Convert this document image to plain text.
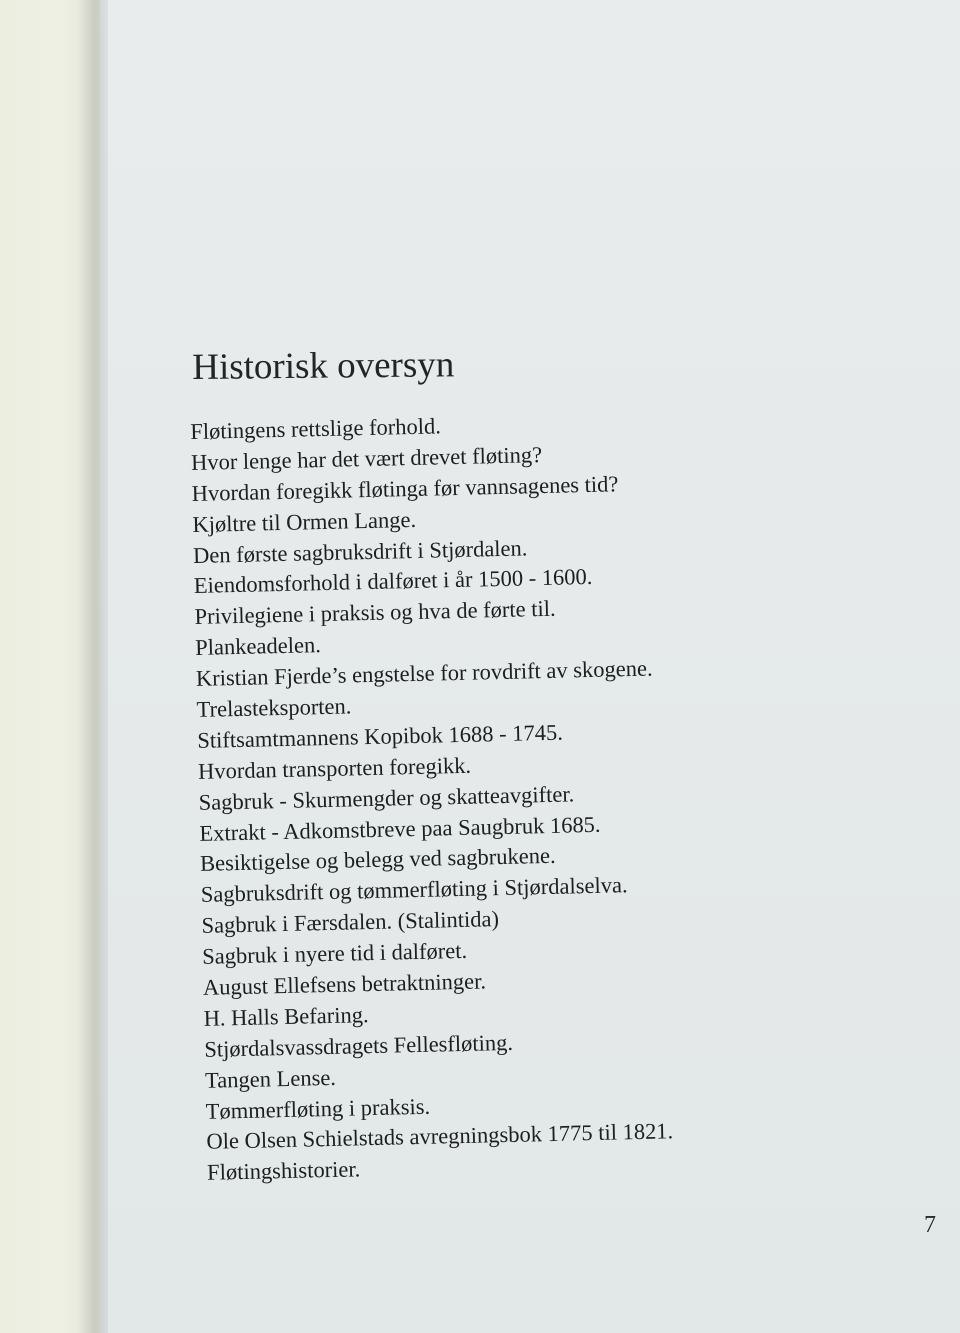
Historisk oversyn
Fløtingens rettslige forhold.
Hvor lenge har det vært drevet fløting?
Hvordan foregikk fløtinga før vannsagenes tid?
Kjøltre til Ormen Lange.
Den første sagbruksdrift i Stjørdalen.
Eiendomsforhold i dalføret i år 1500 - 1600.
Privilegiene i praksis og hva de førte til.
Plankeadelen.
Kristian Fjerde’s engstelse for rovdrift av skogene.
Trelasteksporten.
Stiftsamtmannens Kopibok 1688 - 1745.
Hvordan transporten foregikk.
Sagbruk - Skurmengder og skatteavgifter.
Extrakt - Adkomstbreve paa Saugbruk 1685.
Besiktigelse og belegg ved sagbrukene.
Sagbruksdrift og tømmerfløting i Stjørdalselva.
Sagbruk i Færsdalen. (Stalintida)
Sagbruk i nyere tid i dalføret.
August Ellefsens betraktninger.
H. Halls Befaring.
Stjørdalsvassdragets Fellesfløting.
Tangen Lense.
Tømmerfløting i praksis.
Ole Olsen Schielstads avregningsbok 1775 til 1821.
Fløtingshistorier.
7
